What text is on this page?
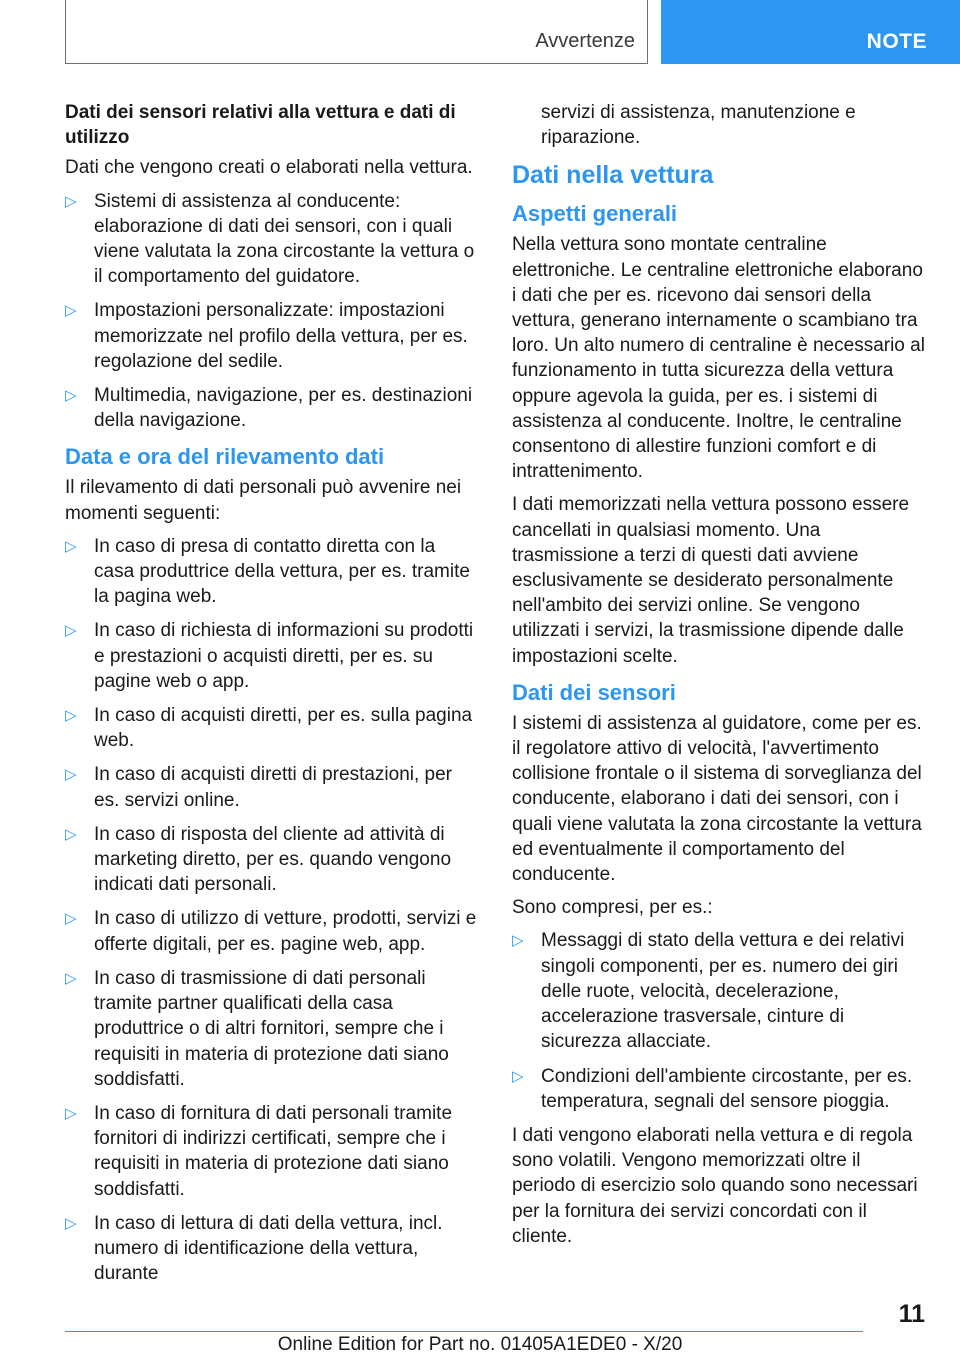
Avvertenze	NOTE

Dati dei sensori relativi alla vettura e dati di utilizzo

Dati che vengono creati o elaborati nella vettura.

▷ Sistemi di assistenza al conducente: elaborazione di dati dei sensori, con i quali viene valutata la zona circostante la vettura o il comportamento del guidatore.
▷ Impostazioni personalizzate: impostazioni memorizzate nel profilo della vettura, per es. regolazione del sedile.
▷ Multimedia, navigazione, per es. destinazioni della navigazione.
Data e ora del rilevamento dati

Il rilevamento di dati personali può avvenire nei momenti seguenti:

▷ In caso di presa di contatto diretta con la casa produttrice della vettura, per es. tramite la pagina web.
▷ In caso di richiesta di informazioni su prodotti e prestazioni o acquisti diretti, per es. su pagine web o app.
▷ In caso di acquisti diretti, per es. sulla pagina web.
▷ In caso di acquisti diretti di prestazioni, per es. servizi online.
▷ In caso di risposta del cliente ad attività di marketing diretto, per es. quando vengono indicati dati personali.
▷ In caso di utilizzo di vetture, prodotti, servizi e offerte digitali, per es. pagine web, app.
▷ In caso di trasmissione di dati personali tramite partner qualificati della casa produttrice o di altri fornitori, sempre che i requisiti in materia di protezione dati siano soddisfatti.
▷ In caso di fornitura di dati personali tramite fornitori di indirizzi certificati, sempre che i requisiti in materia di protezione dati siano soddisfatti.
▷ In caso di lettura di dati della vettura, incl. numero di identificazione della vettura, durante

servizi di assistenza, manutenzione e riparazione.

Dati nella vettura
Aspetti generali

Nella vettura sono montate centraline elettroniche. Le centraline elettroniche elaborano i dati che per es. ricevono dai sensori della vettura, generano internamente o scambiano tra loro. Un alto numero di centraline è necessario al funzionamento in tutta sicurezza della vettura oppure agevola la guida, per es. i sistemi di assistenza al conducente. Inoltre, le centraline consentono di allestire funzioni comfort e di intrattenimento.

I dati memorizzati nella vettura possono essere cancellati in qualsiasi momento. Una trasmissione a terzi di questi dati avviene esclusivamente se desiderato personalmente nell'ambito dei servizi online. Se vengono utilizzati i servizi, la trasmissione dipende dalle impostazioni scelte.

Dati dei sensori

I sistemi di assistenza al guidatore, come per es. il regolatore attivo di velocità, l'avvertimento collisione frontale o il sistema di sorveglianza del conducente, elaborano i dati dei sensori, con i quali viene valutata la zona circostante la vettura ed eventualmente il comportamento del conducente.

Sono compresi, per es.:

▷ Messaggi di stato della vettura e dei relativi singoli componenti, per es. numero dei giri delle ruote, velocità, decelerazione, accelerazione trasversale, cinture di sicurezza allacciate.
▷ Condizioni dell'ambiente circostante, per es. temperatura, segnali del sensore pioggia.

I dati vengono elaborati nella vettura e di regola sono volatili. Vengono memorizzati oltre il periodo di esercizio solo quando sono necessari per la fornitura dei servizi concordati con il cliente.

11
Online Edition for Part no. 01405A1EDE0 - X/20
